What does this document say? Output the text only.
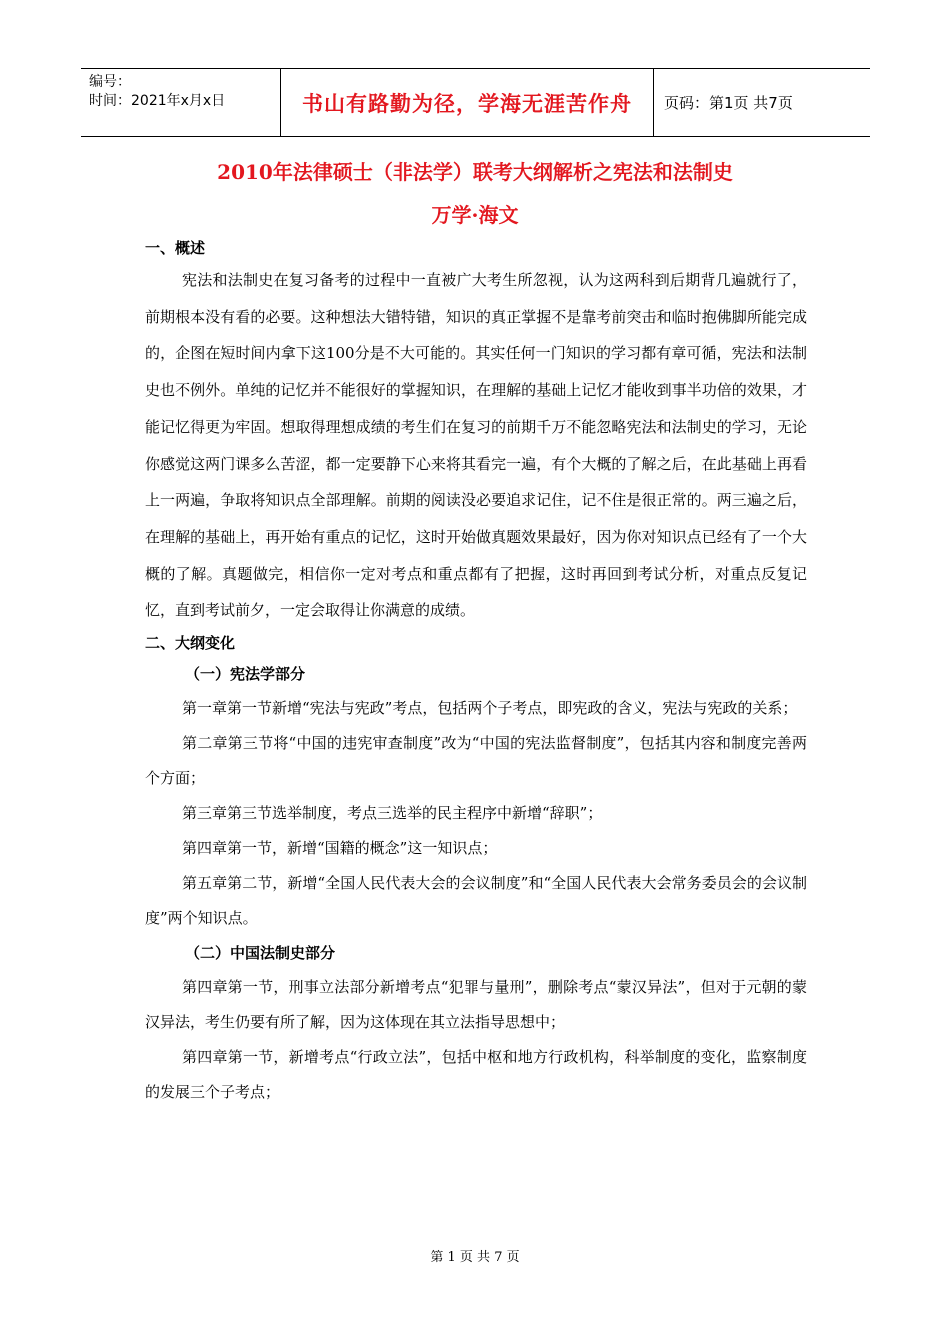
编号：
时间：2021年x月x日	书山有路勤为径，学海无涯苦作舟 页码：第1页 共7页
2010年法律硕士（非法学）联考大纲解析之宪法和法制史
万学·海文

一、概述

宪法和法制史在复习备考的过程中一直被广大考生所忽视，认为这两科到后期背几遍就行了，前期根本没有看的必要。这种想法大错特错，知识的真正掌握不是靠考前突击和临时抱佛脚所能完成的，企图在短时间内拿下这100分是不大可能的。其实任何一门知识的学习都有章可循，宪法和法制史也不例外。单纯的记忆并不能很好的掌握知识，在理解的基础上记忆才能收到事半功倍的效果，才能记忆得更为牢固。想取得理想成绩的考生们在复习的前期千万不能忽略宪法和法制史的学习，无论你感觉这两门课多么苦涩，都一定要静下心来将其看完一遍，有个大概的了解之后，在此基础上再看上一两遍，争取将知识点全部理解。前期的阅读没必要追求记住，记不住是很正常的。两三遍之后，在理解的基础上，再开始有重点的记忆，这时开始做真题效果最好，因为你对知识点已经有了一个大概的了解。真题做完，相信你一定对考点和重点都有了把握，这时再回到考试分析，对重点反复记忆，直到考试前夕，一定会取得让你满意的成绩。

二、大纲变化

（一）宪法学部分

第一章第一节新增“宪法与宪政”考点，包括两个子考点，即宪政的含义，宪法与宪政的关系；

第二章第三节将“中国的违宪审查制度”改为“中国的宪法监督制度”，包括其内容和制度完善两个方面；

第三章第三节选举制度，考点三选举的民主程序中新增“辞职”；

第四章第一节，新增“国籍的概念”这一知识点；

第五章第二节，新增“全国人民代表大会的会议制度”和“全国人民代表大会常务委员会的会议制度”两个知识点。

（二）中国法制史部分

第四章第一节，刑事立法部分新增考点“犯罪与量刑”，删除考点“蒙汉异法”，但对于元朝的蒙汉异法，考生仍要有所了解，因为这体现在其立法指导思想中；

第四章第一节，新增考点“行政立法”，包括中枢和地方行政机构，科举制度的变化，监察制度的发展三个子考点；

第 1 页 共 7 页
